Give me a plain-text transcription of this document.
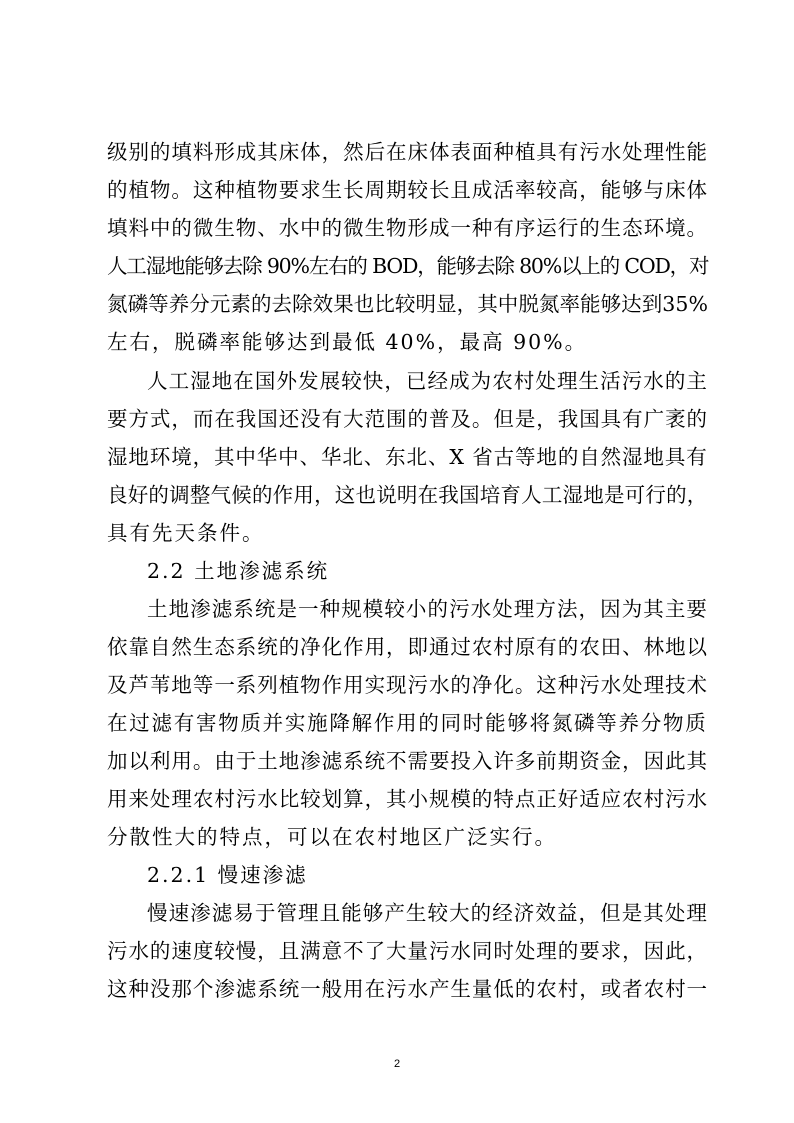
级别的填料形成其床体，然后在床体表面种植具有污水处理性能
的植物。这种植物要求生长周期较长且成活率较高，能够与床体
填料中的微生物、水中的微生物形成一种有序运行的生态环境。
人工湿地能够去除 90%左右的 BOD，能够去除 80%以上的 COD，对
氮磷等养分元素的去除效果也比较明显，其中脱氮率能够达到35%
左右，脱磷率能够达到最低 40%，最高 90%。
人工湿地在国外发展较快，已经成为农村处理生活污水的主
要方式，而在我国还没有大范围的普及。但是，我国具有广袤的
湿地环境，其中华中、华北、东北、X 省古等地的自然湿地具有
良好的调整气候的作用，这也说明在我国培育人工湿地是可行的，
具有先天条件。
2.2 土地渗滤系统
土地渗滤系统是一种规模较小的污水处理方法，因为其主要
依靠自然生态系统的净化作用，即通过农村原有的农田、林地以
及芦苇地等一系列植物作用实现污水的净化。这种污水处理技术
在过滤有害物质并实施降解作用的同时能够将氮磷等养分物质
加以利用。由于土地渗滤系统不需要投入许多前期资金，因此其
用来处理农村污水比较划算，其小规模的特点正好适应农村污水
分散性大的特点，可以在农村地区广泛实行。
2.2.1 慢速渗滤
慢速渗滤易于管理且能够产生较大的经济效益，但是其处理
污水的速度较慢，且满意不了大量污水同时处理的要求，因此，
这种没那个渗滤系统一般用在污水产生量低的农村，或者农村一
2
